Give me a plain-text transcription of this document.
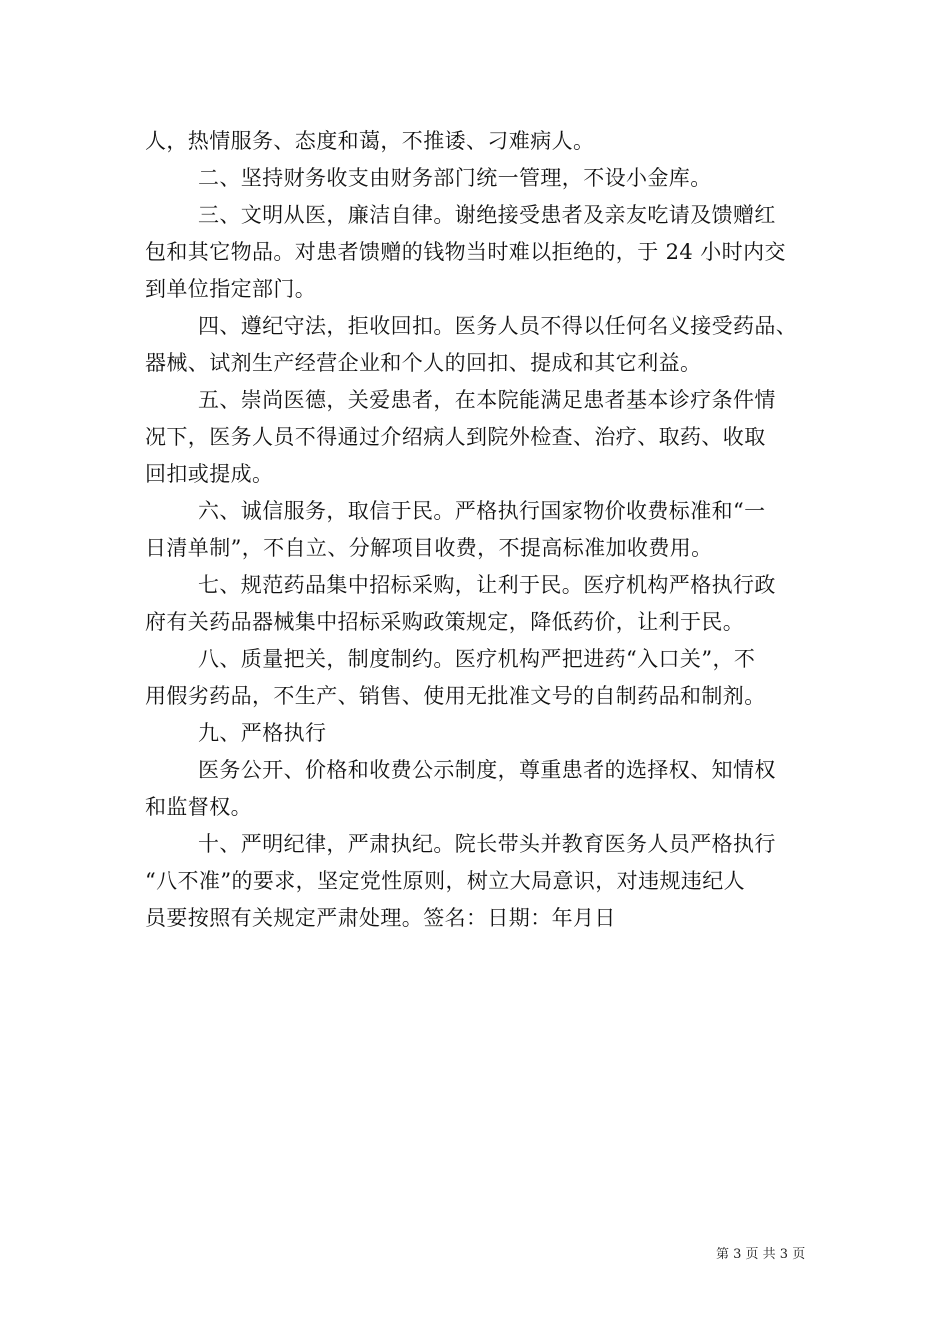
人，热情服务、态度和蔼，不推诿、刁难病人。
二、坚持财务收支由财务部门统一管理，不设小金库。
三、文明从医，廉洁自律。谢绝接受患者及亲友吃请及馈赠红
包和其它物品。对患者馈赠的钱物当时难以拒绝的，于 24 小时内交
到单位指定部门。
四、遵纪守法，拒收回扣。医务人员不得以任何名义接受药品、
器械、试剂生产经营企业和个人的回扣、提成和其它利益。
五、崇尚医德，关爱患者，在本院能满足患者基本诊疗条件情
况下，医务人员不得通过介绍病人到院外检查、治疗、取药、收取
回扣或提成。
六、诚信服务，取信于民。严格执行国家物价收费标准和“一
日清单制”，不自立、分解项目收费，不提高标准加收费用。
七、规范药品集中招标采购，让利于民。医疗机构严格执行政
府有关药品器械集中招标采购政策规定，降低药价，让利于民。
八、质量把关，制度制约。医疗机构严把进药“入口关”，不
用假劣药品，不生产、销售、使用无批准文号的自制药品和制剂。
九、严格执行
医务公开、价格和收费公示制度，尊重患者的选择权、知情权
和监督权。
十、严明纪律，严肃执纪。院长带头并教育医务人员严格执行
“八不准”的要求，坚定党性原则，树立大局意识，对违规违纪人
员要按照有关规定严肃处理。签名：日期：年月日
第 3 页 共 3 页
